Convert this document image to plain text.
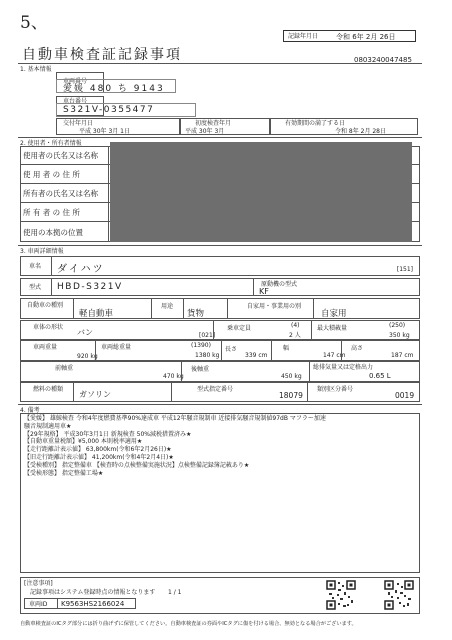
5、
記録年月日	令和 6年 2月 26日
自動車検査証記録事項	0803240047485
1. 基本情報
車両番号
愛媛 480 ち 9143
車台番号
S321V-0355477
交付年月日
平成 30年 3月 1日
初度検査年月
平成 30年 3月
有効期間の満了する日
令和 8年 2月 28日
2. 使用者・所有者情報
使用者の氏名又は名称
使 用 者 の 住 所
所有者の氏名又は名称
所 有 者 の 住 所
使用の本拠の位置
3. 車両詳細情報
車名 ダイハツ	[151]
型式 HBD-S321V	原動機の型式
KF
自動車の種別
軽自動車
用途
貨物
自家用・事業用の別
自家用
車体の形状
バン	[021]
乗車定員	(4)
2 人
最大積載量	(250)
350 kg
車両重量
920 kg
車両総重量	(1390)
1380 kg
長さ
339 cm
幅
147 cm
高さ
187 cm
前軸重
470 kg
後軸重
450 kg
総排気量又は定格出力
0.65 L
燃料の種類
ガソリン
型式指定番号
18079
類別区分番号
0019
4. 備考
【愛媛】 雄鯨検査 令和4年度燃費基準90%達成車 平成12年騒音規制車 近接排気騒音規制値97dB マフラー加速
騒音規制適用車★
【29年規格】 平成30年3月1日 新規検査 50%減税措置済み★
【自動車重量税額】¥5,000 本則税率適用★
【走行距離計表示値】 63,800km(令和6年2月26日)★
【旧走行距離計表示値】 41,200km(令和4年2月4日)★
【受検種別】 指定整備車 【検査時の点検整備実施状況】点検整備記録簿記載あり★
【受検形態】 指定整備工場★
[注意事項]
記録事項はシステム登録時点の情報となります 1 / 1
車両ID K9563HS2166024
自動車検査証のICタグ部分には折り曲げずに保管してください。自動車検査証の券面やICタグに傷を付ける場合、無効となる場合がございます。
